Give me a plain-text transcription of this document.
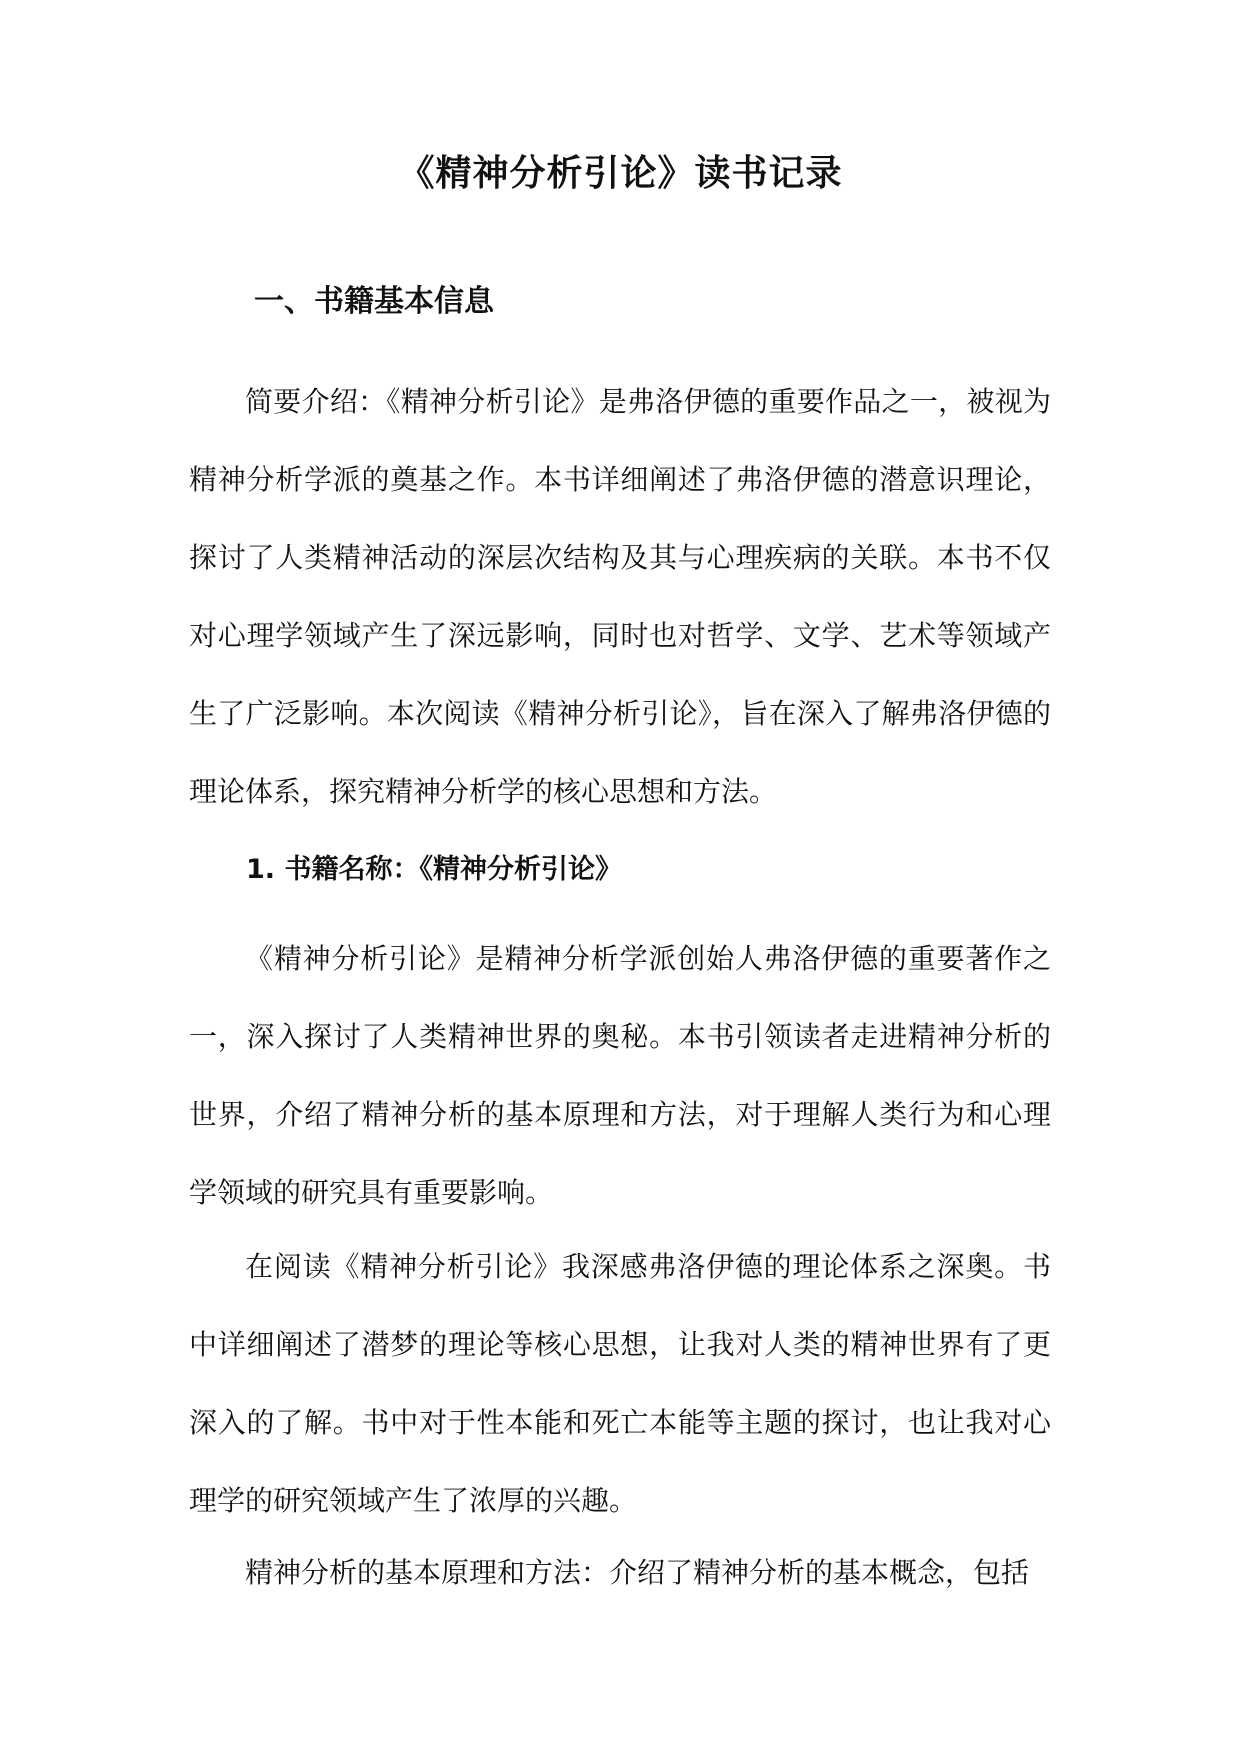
《精神分析引论》读书记录
一、书籍基本信息

简要介绍：《精神分析引论》是弗洛伊德的重要作品之一，被视为精神分析学派的奠基之作。本书详细阐述了弗洛伊德的潜意识理论，探讨了人类精神活动的深层次结构及其与心理疾病的关联。本书不仅对心理学领域产生了深远影响，同时也对哲学、文学、艺术等领域产生了广泛影响。本次阅读《精神分析引论》，旨在深入了解弗洛伊德的理论体系，探究精神分析学的核心思想和方法。

1. 书籍名称：《精神分析引论》

《精神分析引论》是精神分析学派创始人弗洛伊德的重要著作之一，深入探讨了人类精神世界的奥秘。本书引领读者走进精神分析的世界，介绍了精神分析的基本原理和方法，对于理解人类行为和心理学领域的研究具有重要影响。

在阅读《精神分析引论》我深感弗洛伊德的理论体系之深奥。书中详细阐述了潜梦的理论等核心思想，让我对人类的精神世界有了更深入的了解。书中对于性本能和死亡本能等主题的探讨，也让我对心理学的研究领域产生了浓厚的兴趣。

精神分析的基本原理和方法：介绍了精神分析的基本概念，包括
